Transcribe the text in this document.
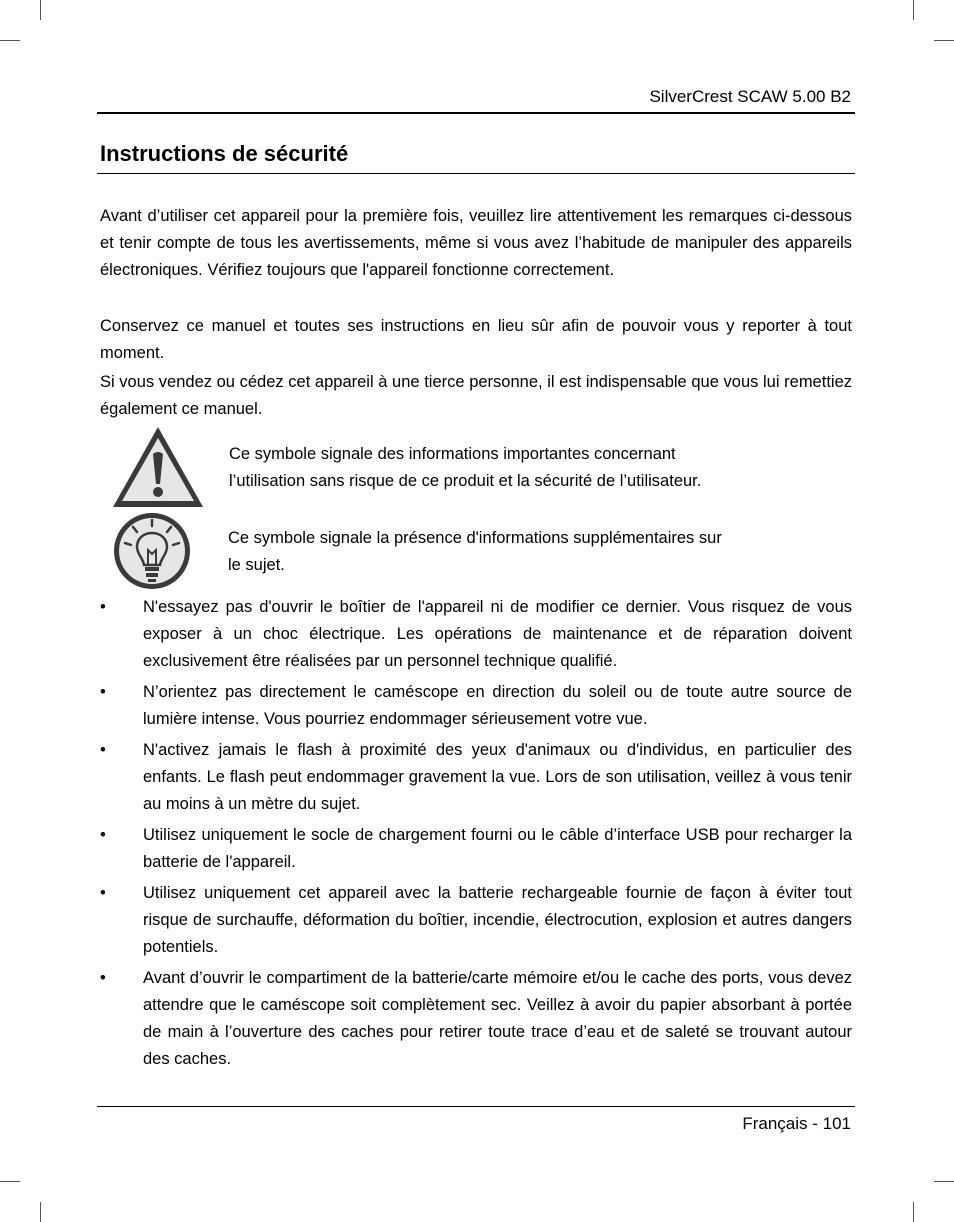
SilverCrest SCAW 5.00 B2
Instructions de sécurité

Avant d’utiliser cet appareil pour la première fois, veuillez lire attentivement les remarques ci-dessous et tenir compte de tous les avertissements, même si vous avez l’habitude de manipuler des appareils électroniques. Vérifiez toujours que l'appareil fonctionne correctement.

Conservez ce manuel et toutes ses instructions en lieu sûr afin de pouvoir vous y reporter à tout moment.

Si vous vendez ou cédez cet appareil à une tierce personne, il est indispensable que vous lui remettiez également ce manuel.

Ce symbole signale des informations importantes concernant
l’utilisation sans risque de ce produit et la sécurité de l’utilisateur.

Ce symbole signale la présence d'informations supplémentaires sur
le sujet.

• N'essayez pas d'ouvrir le boîtier de l'appareil ni de modifier ce dernier. Vous risquez de vous exposer à un choc électrique. Les opérations de maintenance et de réparation doivent exclusivement être réalisées par un personnel technique qualifié.
• N’orientez pas directement le caméscope en direction du soleil ou de toute autre source de lumière intense. Vous pourriez endommager sérieusement votre vue.
• N'activez jamais le flash à proximité des yeux d'animaux ou d'individus, en particulier des enfants. Le flash peut endommager gravement la vue. Lors de son utilisation, veillez à vous tenir au moins à un mètre du sujet.
• Utilisez uniquement le socle de chargement fourni ou le câble d’interface USB pour recharger la batterie de l'appareil.
• Utilisez uniquement cet appareil avec la batterie rechargeable fournie de façon à éviter tout risque de surchauffe, déformation du boîtier, incendie, électrocution, explosion et autres dangers potentiels.
• Avant d’ouvrir le compartiment de la batterie/carte mémoire et/ou le cache des ports, vous devez attendre que le caméscope soit complètement sec. Veillez à avoir du papier absorbant à portée de main à l’ouverture des caches pour retirer toute trace d’eau et de saleté se trouvant autour des caches.
Français - 101
